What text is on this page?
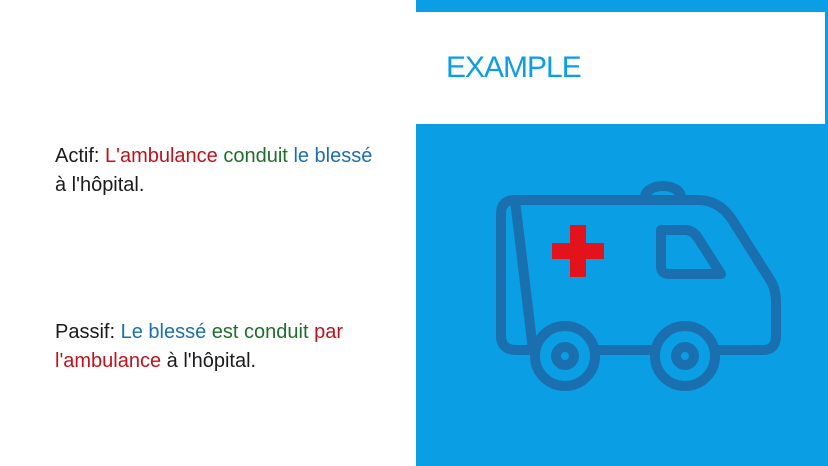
EXAMPLE
Actif: L'ambulance conduit le blessé à l'hôpital.
Passif: Le blessé est conduit par l'ambulance à l'hôpital.
